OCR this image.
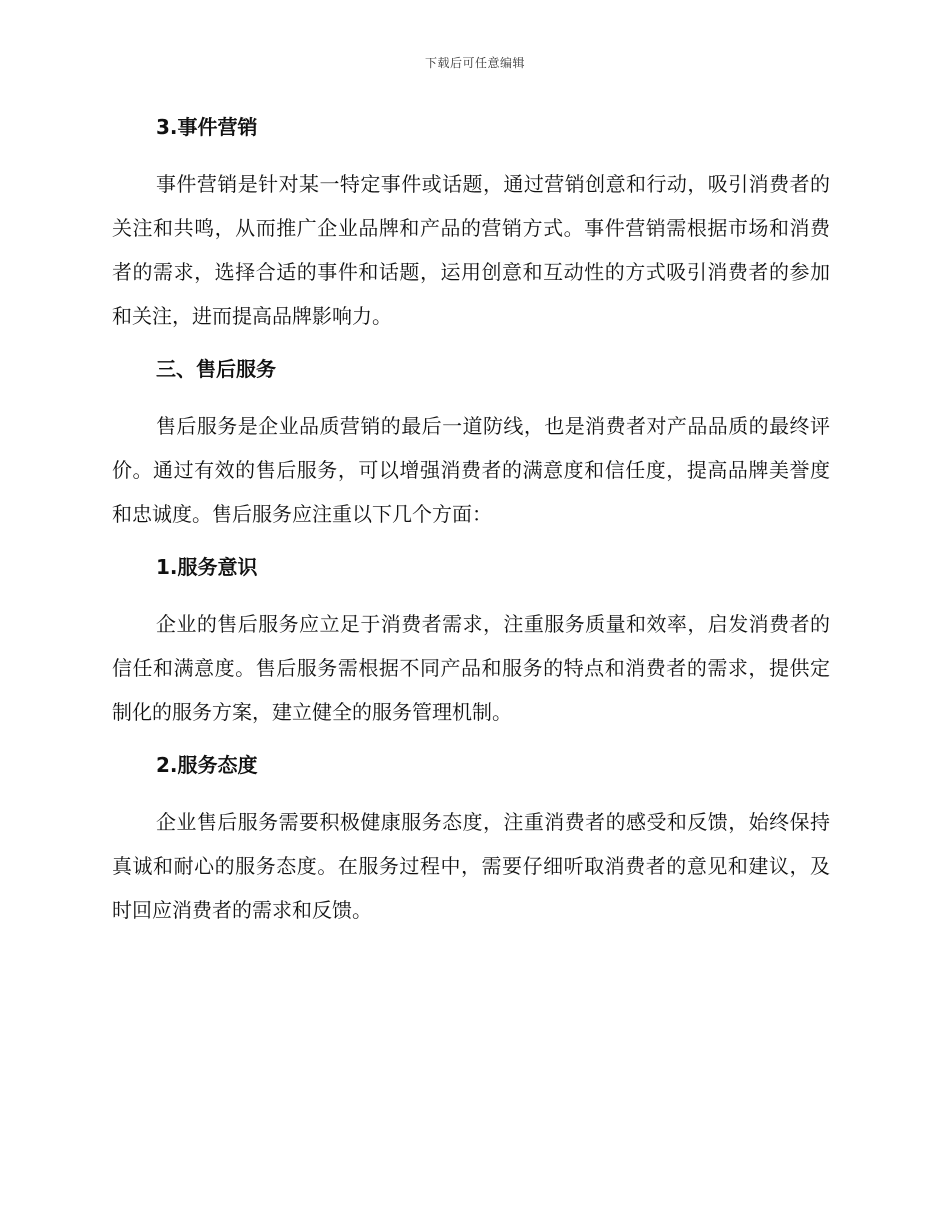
下载后可任意编辑
3.事件营销

事件营销是针对某一特定事件或话题，通过营销创意和行动，吸引消费者的关注和共鸣，从而推广企业品牌和产品的营销方式。事件营销需根据市场和消费者的需求，选择合适的事件和话题，运用创意和互动性的方式吸引消费者的参加和关注，进而提高品牌影响力。

三、售后服务

售后服务是企业品质营销的最后一道防线，也是消费者对产品品质的最终评价。通过有效的售后服务，可以增强消费者的满意度和信任度，提高品牌美誉度和忠诚度。售后服务应注重以下几个方面：

1.服务意识

企业的售后服务应立足于消费者需求，注重服务质量和效率，启发消费者的信任和满意度。售后服务需根据不同产品和服务的特点和消费者的需求，提供定制化的服务方案，建立健全的服务管理机制。

2.服务态度

企业售后服务需要积极健康服务态度，注重消费者的感受和反馈，始终保持真诚和耐心的服务态度。在服务过程中，需要仔细听取消费者的意见和建议，及时回应消费者的需求和反馈。
